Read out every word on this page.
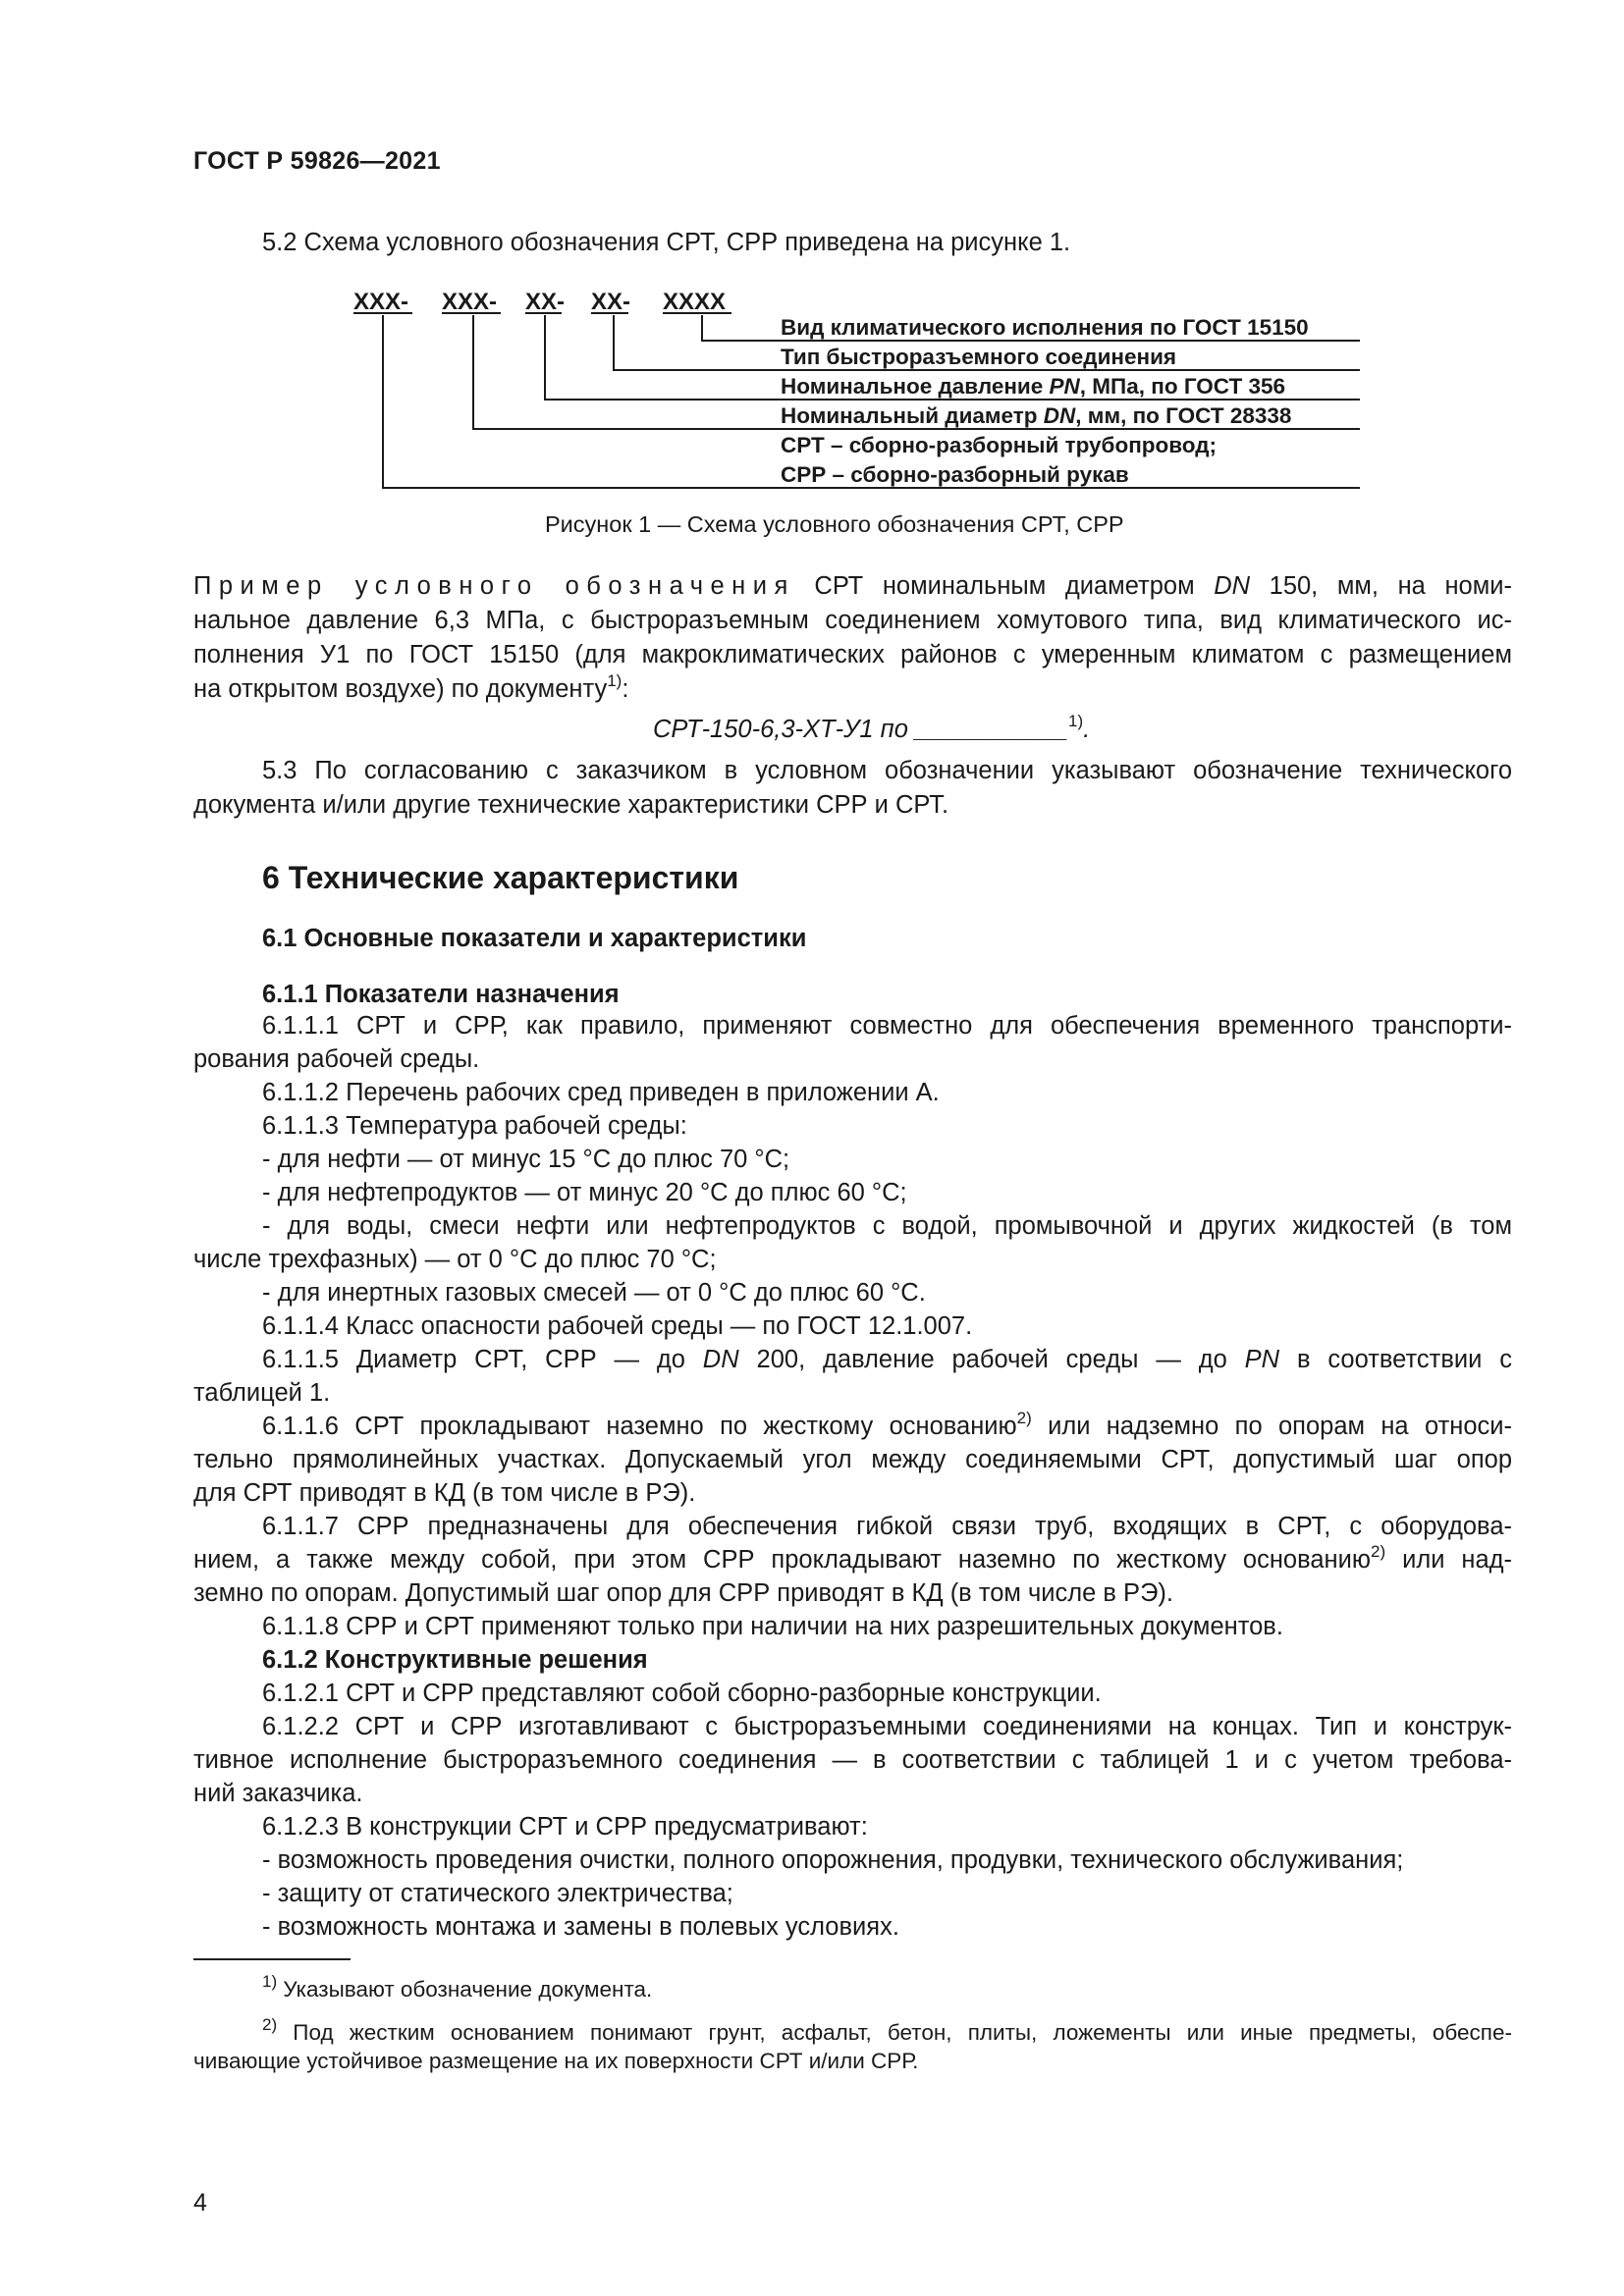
ГОСТ Р 59826—2021
5.2 Схема условного обозначения СРТ, СРР приведена на рисунке 1.
ХХХ- ХХХ- ХХ- ХХ- ХХХХ
Вид климатического исполнения по ГОСТ 15150
Тип быстроразъемного соединения
Номинальное давление PN, МПа, по ГОСТ 356
Номинальный диаметр DN, мм, по ГОСТ 28338
СРТ – сборно-разборный трубопровод;
СРР – сборно-разборный рукав
Рисунок 1 — Схема условного обозначения СРТ, СРР
Пример условного обозначения СРТ номинальным диаметром DN 150, мм, на номи-
нальное давление 6,3 МПа, с быстроразъемным соединением хомутового типа, вид климатического ис-
полнения У1 по ГОСТ 15150 (для макроклиматических районов с умеренным климатом с размещением
на открытом воздухе) по документу$^{1)}$:
СРТ-150-6,3-ХТ-У1 по ___________$^{1)}$.
5.3 По согласованию с заказчиком в условном обозначении указывают обозначение технического
документа и/или другие технические характеристики СРР и СРТ.
6 Технические характеристики
6.1 Основные показатели и характеристики
6.1.1 Показатели назначения
6.1.1.1 СРТ и СРР, как правило, применяют совместно для обеспечения временного транспорти-
рования рабочей среды.
6.1.1.2 Перечень рабочих сред приведен в приложении А.
6.1.1.3 Температура рабочей среды:
- для нефти — от минус 15 °С до плюс 70 °С;
- для нефтепродуктов — от минус 20 °С до плюс 60 °С;
- для воды, смеси нефти или нефтепродуктов с водой, промывочной и других жидкостей (в том
числе трехфазных) — от 0 °С до плюс 70 °С;
- для инертных газовых смесей — от 0 °С до плюс 60 °С.
6.1.1.4 Класс опасности рабочей среды — по ГОСТ 12.1.007.
6.1.1.5 Диаметр СРТ, СРР — до DN 200, давление рабочей среды — до PN в соответствии с
таблицей 1.
6.1.1.6 СРТ прокладывают наземно по жесткому основанию$^{2)}$ или надземно по опорам на относи-
тельно прямолинейных участках. Допускаемый угол между соединяемыми СРТ, допустимый шаг опор
для СРТ приводят в КД (в том числе в РЭ).
6.1.1.7 СРР предназначены для обеспечения гибкой связи труб, входящих в СРТ, с оборудова-
нием, а также между собой, при этом СРР прокладывают наземно по жесткому основанию$^{2)}$ или над-
земно по опорам. Допустимый шаг опор для СРР приводят в КД (в том числе в РЭ).
6.1.1.8 СРР и СРТ применяют только при наличии на них разрешительных документов.
6.1.2 Конструктивные решения
6.1.2.1 СРТ и СРР представляют собой сборно-разборные конструкции.
6.1.2.2 СРТ и СРР изготавливают с быстроразъемными соединениями на концах. Тип и конструк-
тивное исполнение быстроразъемного соединения — в соответствии с таблицей 1 и с учетом требова-
ний заказчика.
6.1.2.3 В конструкции СРТ и СРР предусматривают:
- возможность проведения очистки, полного опорожнения, продувки, технического обслуживания;
- защиту от статического электричества;
- возможность монтажа и замены в полевых условиях.
$^{1)}$ Указывают обозначение документа.
$^{2)}$ Под жестким основанием понимают грунт, асфальт, бетон, плиты, ложементы или иные предметы, обеспе-
чивающие устойчивое размещение на их поверхности СРТ и/или СРР.
4
